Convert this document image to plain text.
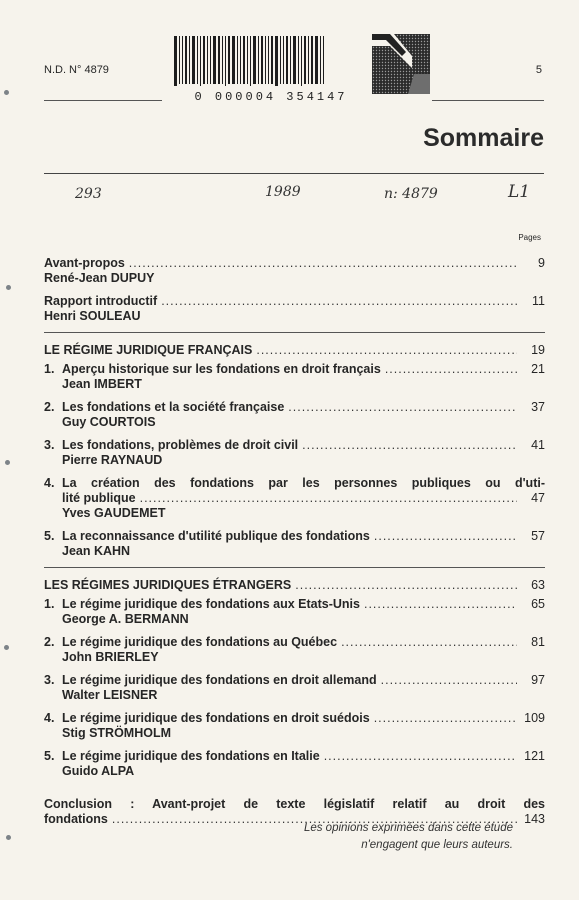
N.D. N° 4879	5
0 000004 354147
Sommaire
293	1989	n: 4879	L1
Pages
Avant-propos .....	9
René-Jean DUPUY
Rapport introductif .....	11
Henri SOULEAU
LE RÉGIME JURIDIQUE FRANÇAIS .....	19
1. Aperçu historique sur les fondations en droit français .....	21
Jean IMBERT
2. Les fondations et la société française .....	37
Guy COURTOIS
3. Les fondations, problèmes de droit civil .....	41
Pierre RAYNAUD
4. La création des fondations par les personnes publiques ou d'uti-
lité publique .....	47
Yves GAUDEMET
5. La reconnaissance d'utilité publique des fondations .....	57
Jean KAHN
LES RÉGIMES JURIDIQUES ÉTRANGERS .....	63
1. Le régime juridique des fondations aux Etats-Unis .....	65
George A. BERMANN
2. Le régime juridique des fondations au Québec .....	81
John BRIERLEY
3. Le régime juridique des fondations en droit allemand .....	97
Walter LEISNER
4. Le régime juridique des fondations en droit suédois .....	109
Stig STRÖMHOLM
5. Le régime juridique des fondations en Italie .....	121
Guido ALPA
Conclusion : Avant-projet de texte législatif relatif au droit des
fondations .....	143
Les opinions exprimées dans cette étude
n'engagent que leurs auteurs.
